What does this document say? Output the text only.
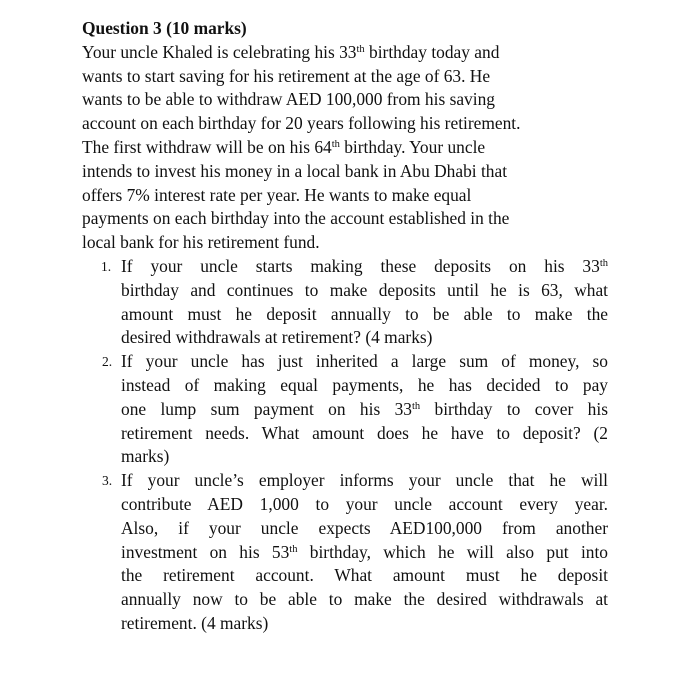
Question 3 (10 marks)

Your uncle Khaled is celebrating his 33th birthday today and
wants to start saving for his retirement at the age of 63. He
wants to be able to withdraw AED 100,000 from his saving
account on each birthday for 20 years following his retirement.
The first withdraw will be on his 64th birthday. Your uncle
intends to invest his money in a local bank in Abu Dhabi that
offers 7% interest rate per year. He wants to make equal
payments on each birthday into the account established in the
local bank for his retirement fund.

1. If your uncle starts making these deposits on his 33th
birthday and continues to make deposits until he is 63, what
amount must he deposit annually to be able to make the
desired withdrawals at retirement? (4 marks)
2. If your uncle has just inherited a large sum of money, so
instead of making equal payments, he has decided to pay
one lump sum payment on his 33th birthday to cover his
retirement needs. What amount does he have to deposit? (2
marks)
3. If your uncle’s employer informs your uncle that he will
contribute AED 1,000 to your uncle account every year.
Also, if your uncle expects AED100,000 from another
investment on his 53th birthday, which he will also put into
the retirement account. What amount must he deposit
annually now to be able to make the desired withdrawals at
retirement. (4 marks)
